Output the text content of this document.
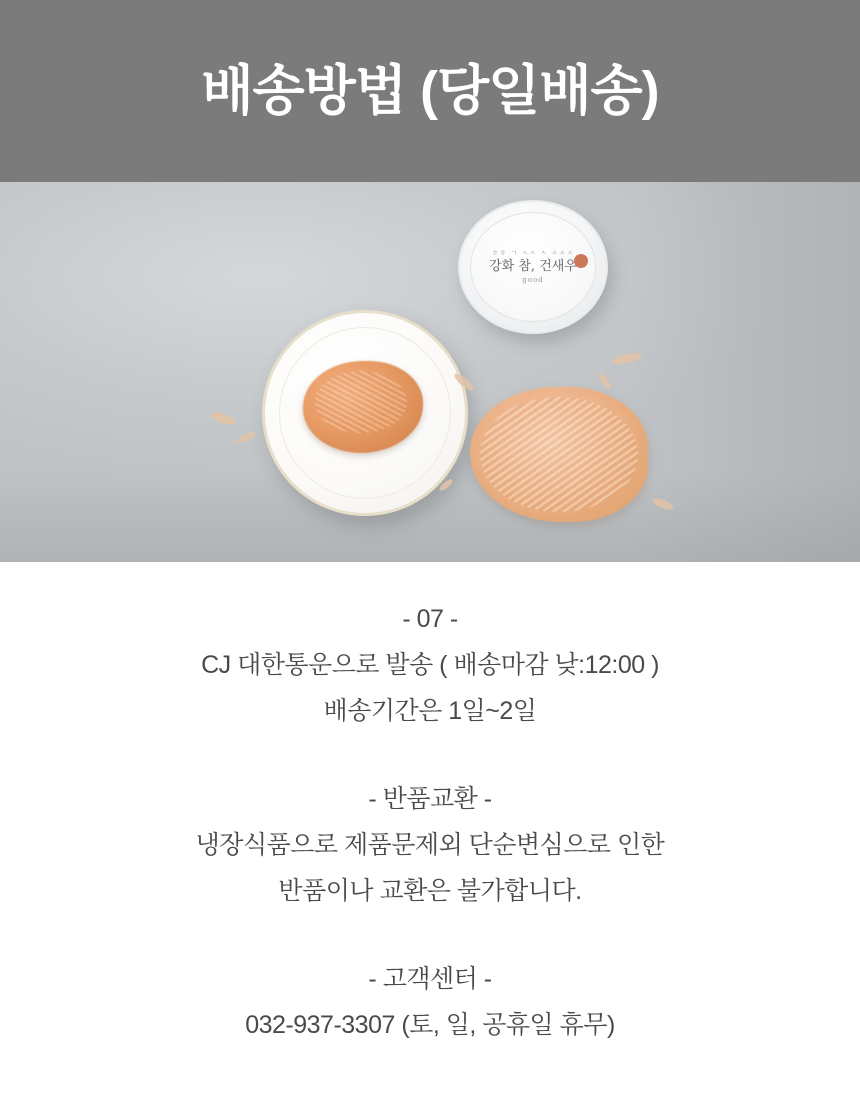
배송방법 (당일배송)
ㅎㅎ ㄱ ㅅㅅ ㅅ ㅅㅅㅅ
강화 참, 건새우
good
- 07 -
CJ 대한통운으로 발송 ( 배송마감 낮:12:00 )
배송기간은 1일~2일
- 반품교환 -
냉장식품으로 제품문제외 단순변심으로 인한
반품이나 교환은 불가합니다.
- 고객센터 -
032-937-3307 (토, 일, 공휴일 휴무)
